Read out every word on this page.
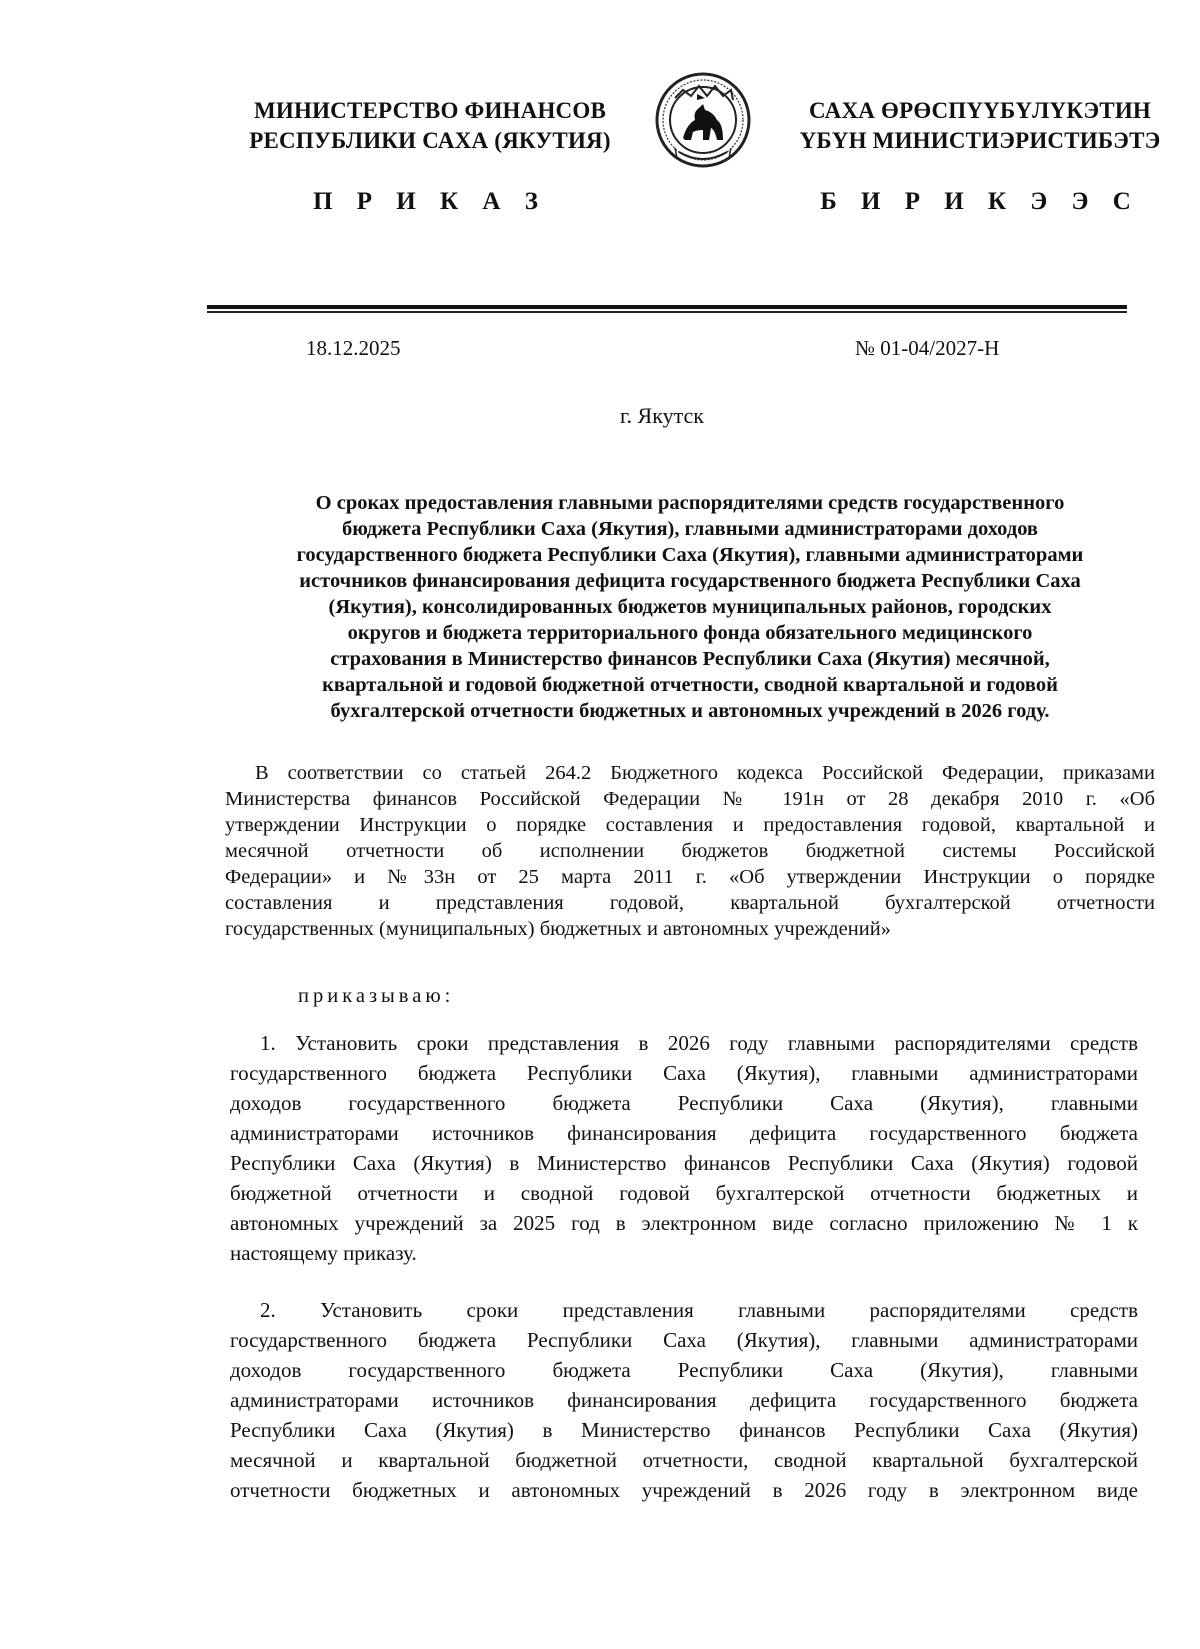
МИНИСТЕРСТВО ФИНАНСОВ
РЕСПУБЛИКИ САХА (ЯКУТИЯ)
САХА ӨРӨСПҮҮБҮЛҮКЭТИН
ҮБҮН МИНИСТИЭРИСТИБЭТЭ
П Р И К А З	Б И Р И К Э Э С
18.12.2025	№ 01-04/2027-Н
г. Якутск
О сроках предоставления главными распорядителями средств государственного
бюджета Республики Саха (Якутия), главными администраторами доходов
государственного бюджета Республики Саха (Якутия), главными администраторами
источников финансирования дефицита государственного бюджета Республики Саха
(Якутия), консолидированных бюджетов муниципальных районов, городских
округов и бюджета территориального фонда обязательного медицинского
страхования в Министерство финансов Республики Саха (Якутия) месячной,
квартальной и годовой бюджетной отчетности, сводной квартальной и годовой
бухгалтерской отчетности бюджетных и автономных учреждений в 2026 году.
В соответствии со статьей 264.2 Бюджетного кодекса Российской Федерации, приказами
Министерства финансов Российской Федерации № 191н от 28 декабря 2010 г. «Об
утверждении Инструкции о порядке составления и предоставления годовой, квартальной и
месячной отчетности об исполнении бюджетов бюджетной системы Российской
Федерации» и №33н от 25 марта 2011 г. «Об утверждении Инструкции о порядке
составления и представления годовой, квартальной бухгалтерской отчетности
государственных (муниципальных) бюджетных и автономных учреждений»
приказываю:
1. Установить сроки представления в 2026 году главными распорядителями средств
государственного бюджета Республики Саха (Якутия), главными администраторами
доходов государственного бюджета Республики Саха (Якутия), главными
администраторами источников финансирования дефицита государственного бюджета
Республики Саха (Якутия) в Министерство финансов Республики Саха (Якутия) годовой
бюджетной отчетности и сводной годовой бухгалтерской отчетности бюджетных и
автономных учреждений за 2025 год в электронном виде согласно приложению № 1 к
настоящему приказу.
2. Установить сроки представления главными распорядителями средств
государственного бюджета Республики Саха (Якутия), главными администраторами
доходов государственного бюджета Республики Саха (Якутия), главными
администраторами источников финансирования дефицита государственного бюджета
Республики Саха (Якутия) в Министерство финансов Республики Саха (Якутия)
месячной и квартальной бюджетной отчетности, сводной квартальной бухгалтерской
отчетности бюджетных и автономных учреждений в 2026 году в электронном виде
